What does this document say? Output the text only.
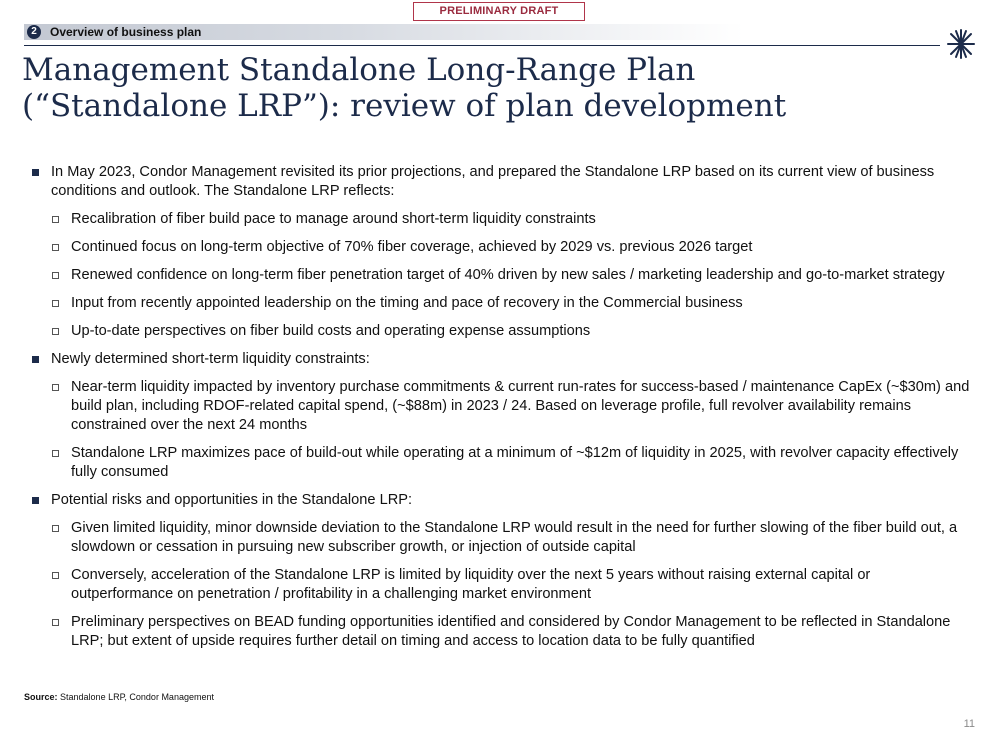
PRELIMINARY DRAFT
2	Overview of business plan
Management Standalone Long-Range Plan
(“Standalone LRP”): review of plan development
In May 2023, Condor Management revisited its prior projections, and prepared the Standalone LRP based on its current view of business conditions and outlook. The Standalone LRP reflects:
Recalibration of fiber build pace to manage around short-term liquidity constraints
Continued focus on long-term objective of 70% fiber coverage, achieved by 2029 vs. previous 2026 target
Renewed confidence on long-term fiber penetration target of 40% driven by new sales / marketing leadership and go-to-market strategy
Input from recently appointed leadership on the timing and pace of recovery in the Commercial business
Up-to-date perspectives on fiber build costs and operating expense assumptions
Newly determined short-term liquidity constraints:
Near-term liquidity impacted by inventory purchase commitments & current run-rates for success-based / maintenance CapEx (~$30m) and build plan, including RDOF-related capital spend, (~$88m) in 2023 / 24. Based on leverage profile, full revolver availability remains constrained over the next 24 months
Standalone LRP maximizes pace of build-out while operating at a minimum of ~$12m of liquidity in 2025, with revolver capacity effectively fully consumed
Potential risks and opportunities in the Standalone LRP:
Given limited liquidity, minor downside deviation to the Standalone LRP would result in the need for further slowing of the fiber build out, a slowdown or cessation in pursuing new subscriber growth, or injection of outside capital
Conversely, acceleration of the Standalone LRP is limited by liquidity over the next 5 years without raising external capital or outperformance on penetration / profitability in a challenging market environment
Preliminary perspectives on BEAD funding opportunities identified and considered by Condor Management to be reflected in Standalone LRP; but extent of upside requires further detail on timing and access to location data to be fully quantified
Source: Standalone LRP, Condor Management
11
